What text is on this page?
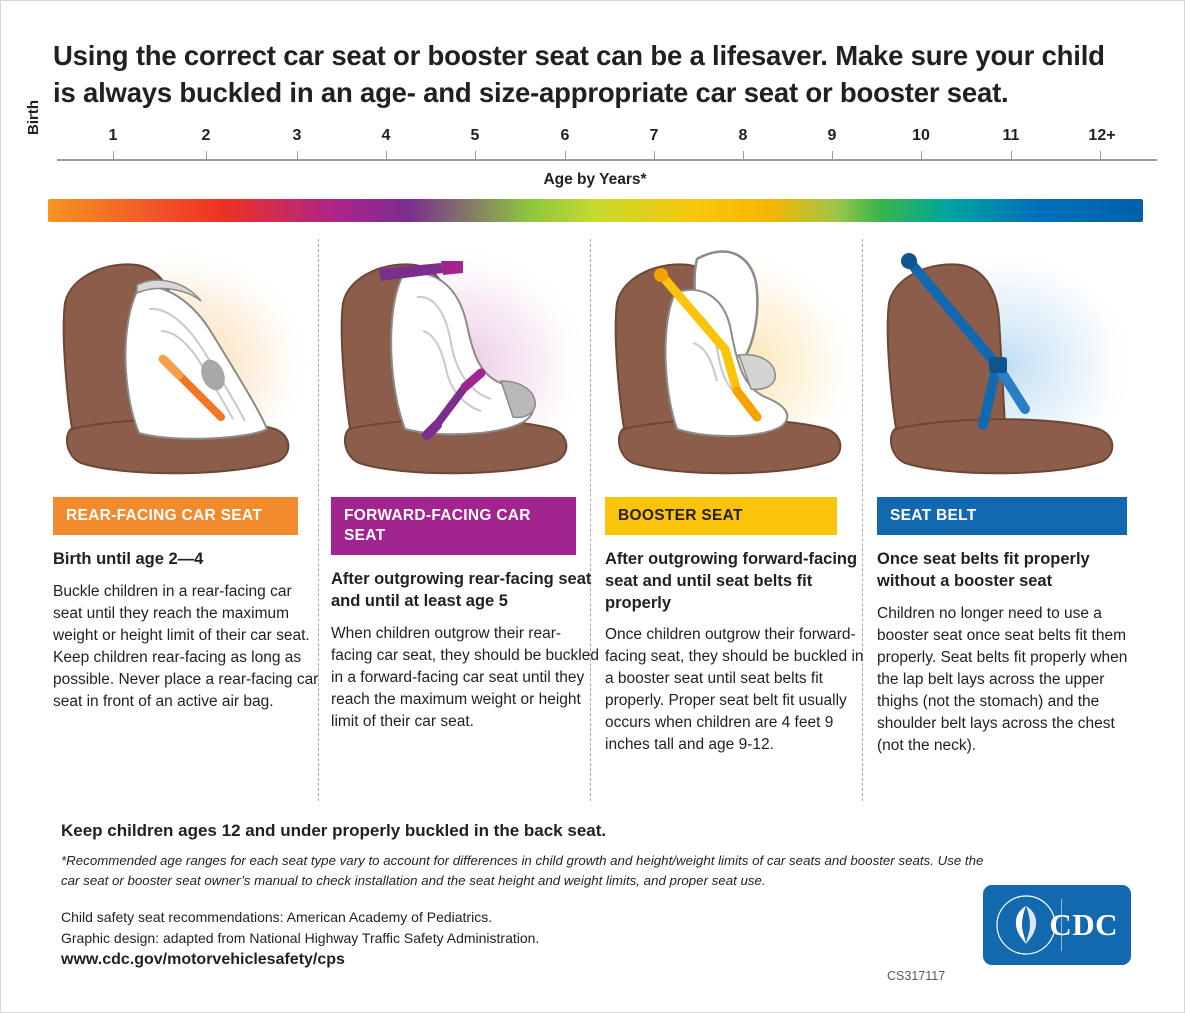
Using the correct car seat or booster seat can be a lifesaver. Make sure your child is always buckled in an age- and size-appropriate car seat or booster seat.
Birth
1	2	3	4	5	6	7	8	9	10	11	12+
Age by Years*
REAR-FACING CAR SEAT
Birth until age 2—4
Buckle children in a rear-facing car seat until they reach the maximum weight or height limit of their car seat. Keep children rear-facing as long as possible. Never place a rear-facing car seat in front of an active air bag.
FORWARD-FACING CAR SEAT
After outgrowing rear-facing seat and until at least age 5
When children outgrow their rear-facing car seat, they should be buckled in a forward-facing car seat until they reach the maximum weight or height limit of their car seat.
BOOSTER SEAT
After outgrowing forward-facing seat and until seat belts fit properly
Once children outgrow their forward-facing seat, they should be buckled in a booster seat until seat belts fit properly. Proper seat belt fit usually occurs when children are 4 feet 9 inches tall and age 9-12.
SEAT BELT
Once seat belts fit properly without a booster seat
Children no longer need to use a booster seat once seat belts fit them properly. Seat belts fit properly when the lap belt lays across the upper thighs (not the stomach) and the shoulder belt lays across the chest (not the neck).
Keep children ages 12 and under properly buckled in the back seat.
*Recommended age ranges for each seat type vary to account for differences in child growth and height/weight limits of car seats and booster seats. Use the car seat or booster seat owner’s manual to check installation and the seat height and weight limits, and proper seat use.
Child safety seat recommendations: American Academy of Pediatrics.
Graphic design: adapted from National Highway Traffic Safety Administration.
www.cdc.gov/motorvehiclesafety/cps
CS317117
CDC
